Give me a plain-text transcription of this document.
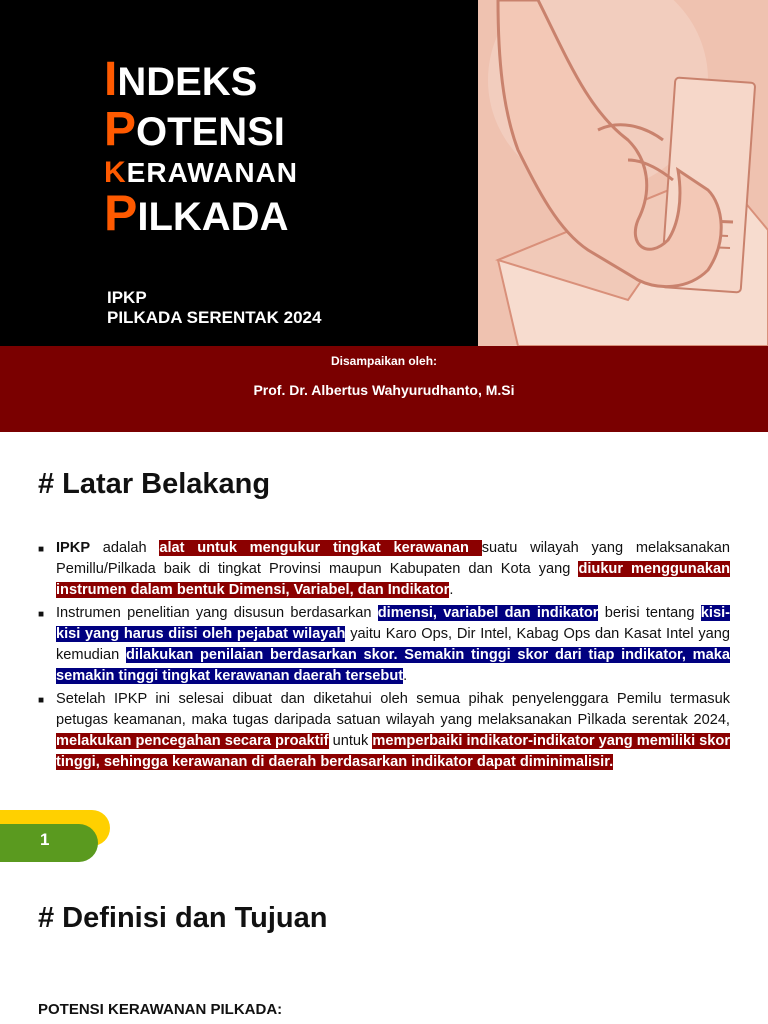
INDEKS
POTENSI
KERAWANAN
PILKADA
IPKP
PILKADA SERENTAK 2024
Disampaikan oleh:
Prof. Dr. Albertus Wahyurudhanto, M.Si
# Latar Belakang
■ IPKP adalah alat untuk mengukur tingkat kerawanan suatu wilayah yang melaksanakan Pemillu/Pilkada baik di tingkat Provinsi maupun Kabupaten dan Kota yang diukur menggunakan instrumen dalam bentuk Dimensi, Variabel, dan Indikator.
■ Instrumen penelitian yang disusun berdasarkan dimensi, variabel dan indikator berisi tentang kisi-kisi yang harus diisi oleh pejabat wilayah yaitu Karo Ops, Dir Intel, Kabag Ops dan Kasat Intel yang kemudian dilakukan penilaian berdasarkan skor. Semakin tinggi skor dari tiap indikator, maka semakin tinggi tingkat kerawanan daerah tersebut.
■ Setelah IPKP ini selesai dibuat dan diketahui oleh semua pihak penyelenggara Pemilu termasuk petugas keamanan, maka tugas daripada satuan wilayah yang melaksanakan Pìlkada serentak 2024, melakukan pencegahan secara proaktif untuk memperbaiki indikator-indikator yang memiliki skor tinggi, sehingga kerawanan di daerah berdasarkan indikator dapat diminimalisir.
1
# Definisi dan Tujuan
POTENSI KERAWANAN PILKADA:
